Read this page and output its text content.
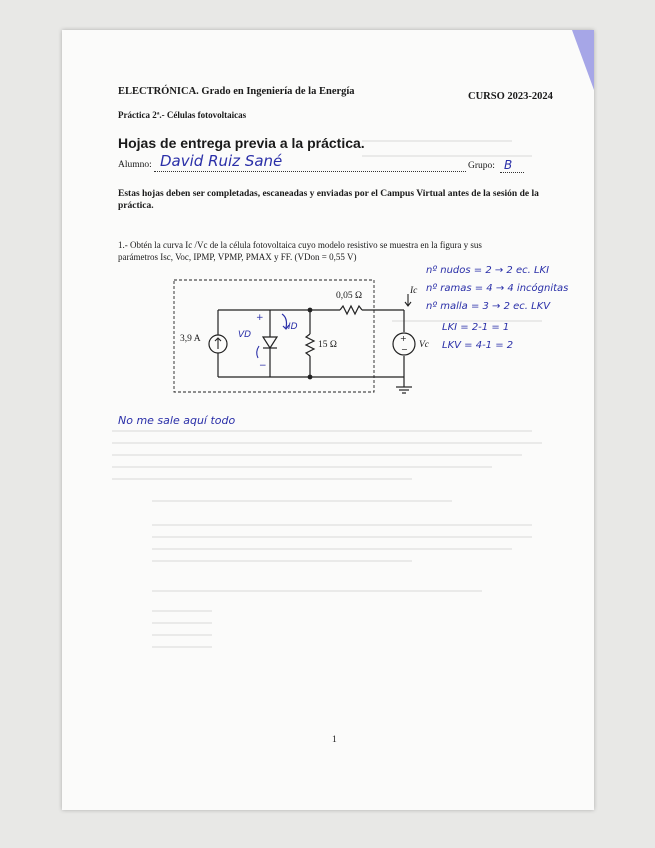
ELECTRÓNICA. Grado en Ingeniería de la Energía	CURSO 2023-2024
Práctica 2ª.- Células fotovoltaicas
Hojas de entrega previa a la práctica.
Alumno: David Ruiz Sané	Grupo: B
Estas hojas deben ser completadas, escaneadas y enviadas por el Campus Virtual antes de la sesión de la práctica.
1.- Obtén la curva Ic /Vc de la célula fotovoltaica cuyo modelo resistivo se muestra en la figura y sus
parámetros Isc, Voc, IPMP, VPMP, PMAX y FF. (VDon = 0,55 V)
+
−
+
−
3,9 A
0,05 Ω
15 Ω
Ic
Vc
VD
ID
nº nudos = 2 → 2 ec. LKI
nº ramas = 4 → 4 incógnitas
nº malla = 3 → 2 ec. LKV
LKI = 2-1 = 1
LKV = 4-1 = 2
No me sale aquí todo
1
